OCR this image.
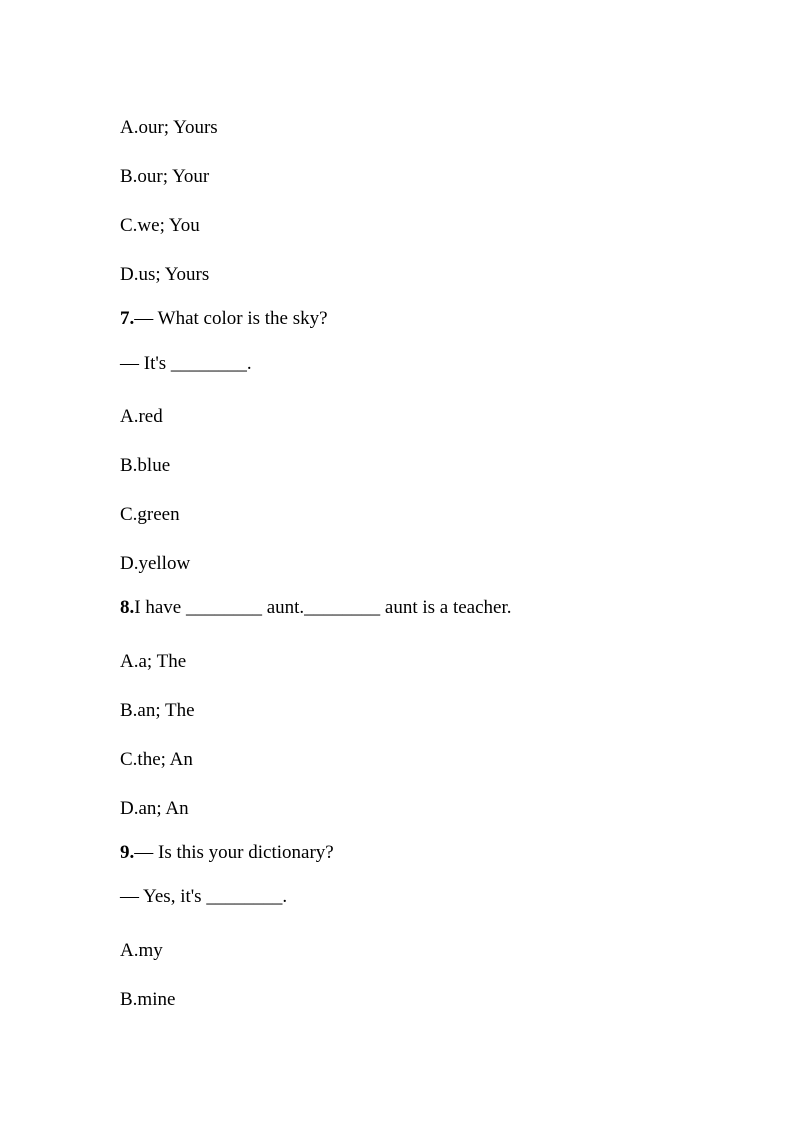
A.our; Yours
B.our; Your
C.we; You
D.us; Yours
7.— What color is the sky?
— It's ________.
A.red
B.blue
C.green
D.yellow
8.I have ________ aunt.________ aunt is a teacher.
A.a; The
B.an; The
C.the; An
D.an; An
9.— Is this your dictionary?
— Yes, it's ________.
A.my
B.mine
